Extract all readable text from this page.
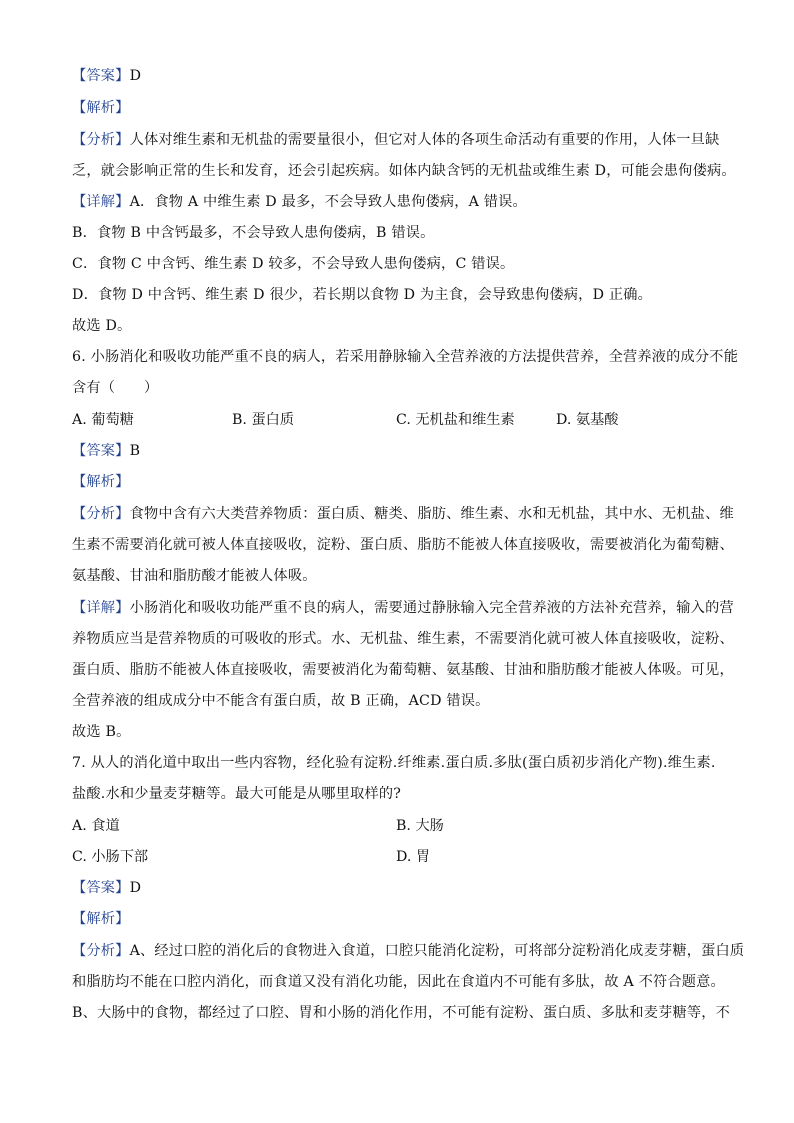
【答案】D
【解析】
【分析】人体对维生素和无机盐的需要量很小，但它对人体的各项生命活动有重要的作用，人体一旦缺
乏，就会影响正常的生长和发育，还会引起疾病。如体内缺含钙的无机盐或维生素 D，可能会患佝偻病。
【详解】A．食物 A 中维生素 D 最多，不会导致人患佝偻病，A 错误。
B．食物 B 中含钙最多，不会导致人患佝偻病，B 错误。
C．食物 C 中含钙、维生素 D 较多，不会导致人患佝偻病，C 错误。
D．食物 D 中含钙、维生素 D 很少，若长期以食物 D 为主食，会导致患佝偻病，D 正确。
故选 D。
6. 小肠消化和吸收功能严重不良的病人，若采用静脉输入全营养液的方法提供营养，全营养液的成分不能
含有（　　）
A. 葡萄糖	B. 蛋白质	C. 无机盐和维生素	D. 氨基酸
【答案】B
【解析】
【分析】食物中含有六大类营养物质：蛋白质、糖类、脂肪、维生素、水和无机盐，其中水、无机盐、维
生素不需要消化就可被人体直接吸收，淀粉、蛋白质、脂肪不能被人体直接吸收，需要被消化为葡萄糖、
氨基酸、甘油和脂肪酸才能被人体吸。
【详解】小肠消化和吸收功能严重不良的病人，需要通过静脉输入完全营养液的方法补充营养，输入的营
养物质应当是营养物质的可吸收的形式。水、无机盐、维生素，不需要消化就可被人体直接吸收，淀粉、
蛋白质、脂肪不能被人体直接吸收，需要被消化为葡萄糖、氨基酸、甘油和脂肪酸才能被人体吸。可见，
全营养液的组成成分中不能含有蛋白质，故 B 正确，ACD 错误。
故选 B。
7. 从人的消化道中取出一些内容物，经化验有淀粉.纤维素.蛋白质.多肽(蛋白质初步消化产物).维生素.
盐酸.水和少量麦芽糖等。最大可能是从哪里取样的?
A. 食道	B. 大肠
C. 小肠下部	D. 胃
【答案】D
【解析】
【分析】A、经过口腔的消化后的食物进入食道，口腔只能消化淀粉，可将部分淀粉消化成麦芽糖，蛋白质
和脂肪均不能在口腔内消化，而食道又没有消化功能，因此在食道内不可能有多肽，故 A 不符合题意。
B、大肠中的食物，都经过了口腔、胃和小肠的消化作用，不可能有淀粉、蛋白质、多肽和麦芽糖等，不
